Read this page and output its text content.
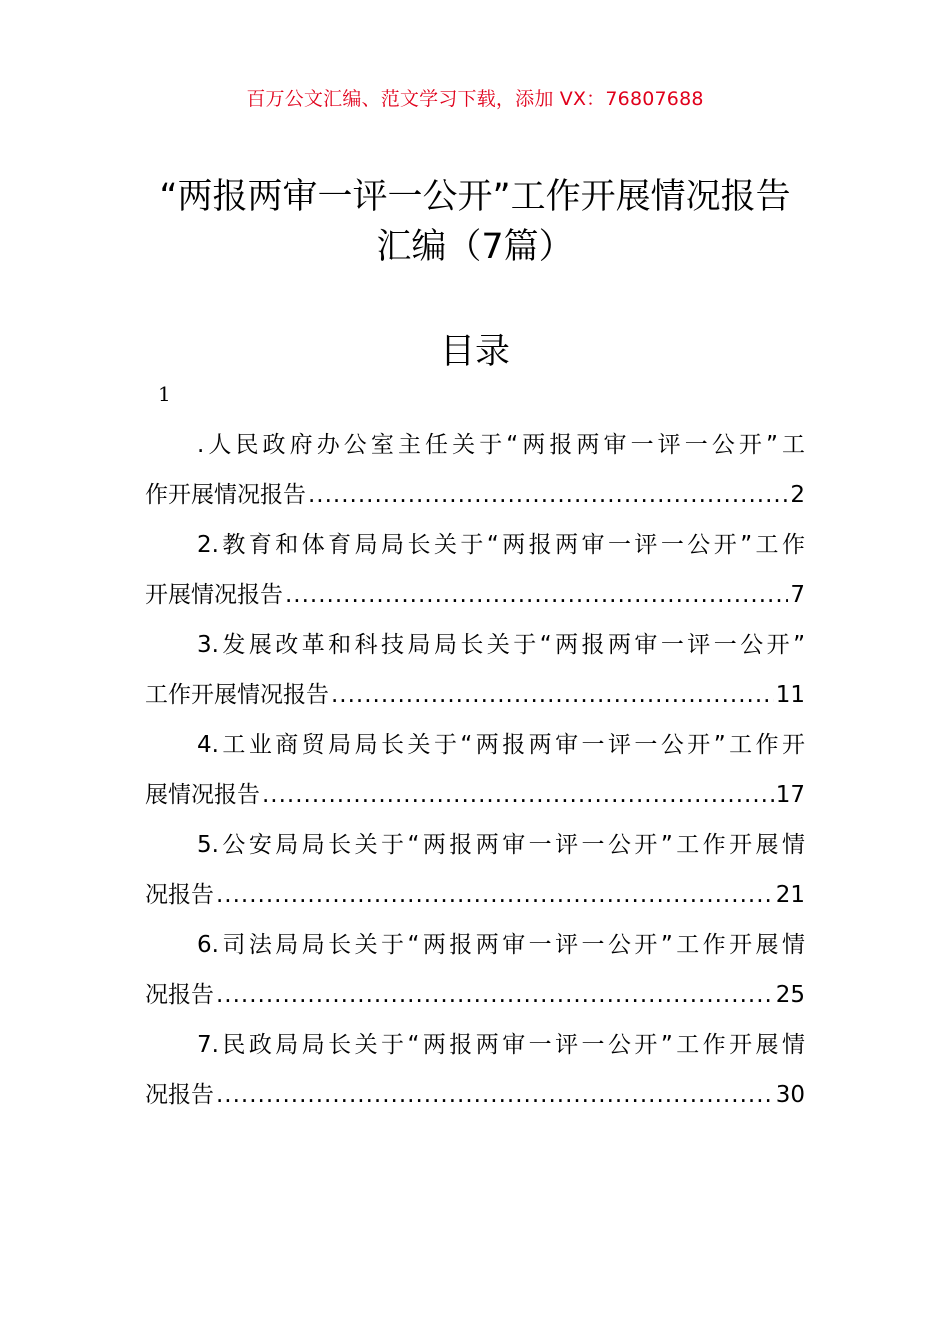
百万公文汇编、范文学习下载，添加 VX：76807688
“两报两审一评一公开”工作开展情况报告
汇编（7篇）
目录
1
.人民政府办公室主任关于“两报两审一评一公开”工
作开展情况报告 .....	2
2.教育和体育局局长关于“两报两审一评一公开”工作
开展情况报告 .....	7
3.发展改革和科技局局长关于“两报两审一评一公开”
工作开展情况报告 .....	11
4.工业商贸局局长关于“两报两审一评一公开”工作开
展情况报告 .....	17
5.公安局局长关于“两报两审一评一公开”工作开展情
况报告 .....	21
6.司法局局长关于“两报两审一评一公开”工作开展情
况报告 .....	25
7.民政局局长关于“两报两审一评一公开”工作开展情
况报告 .....	30
